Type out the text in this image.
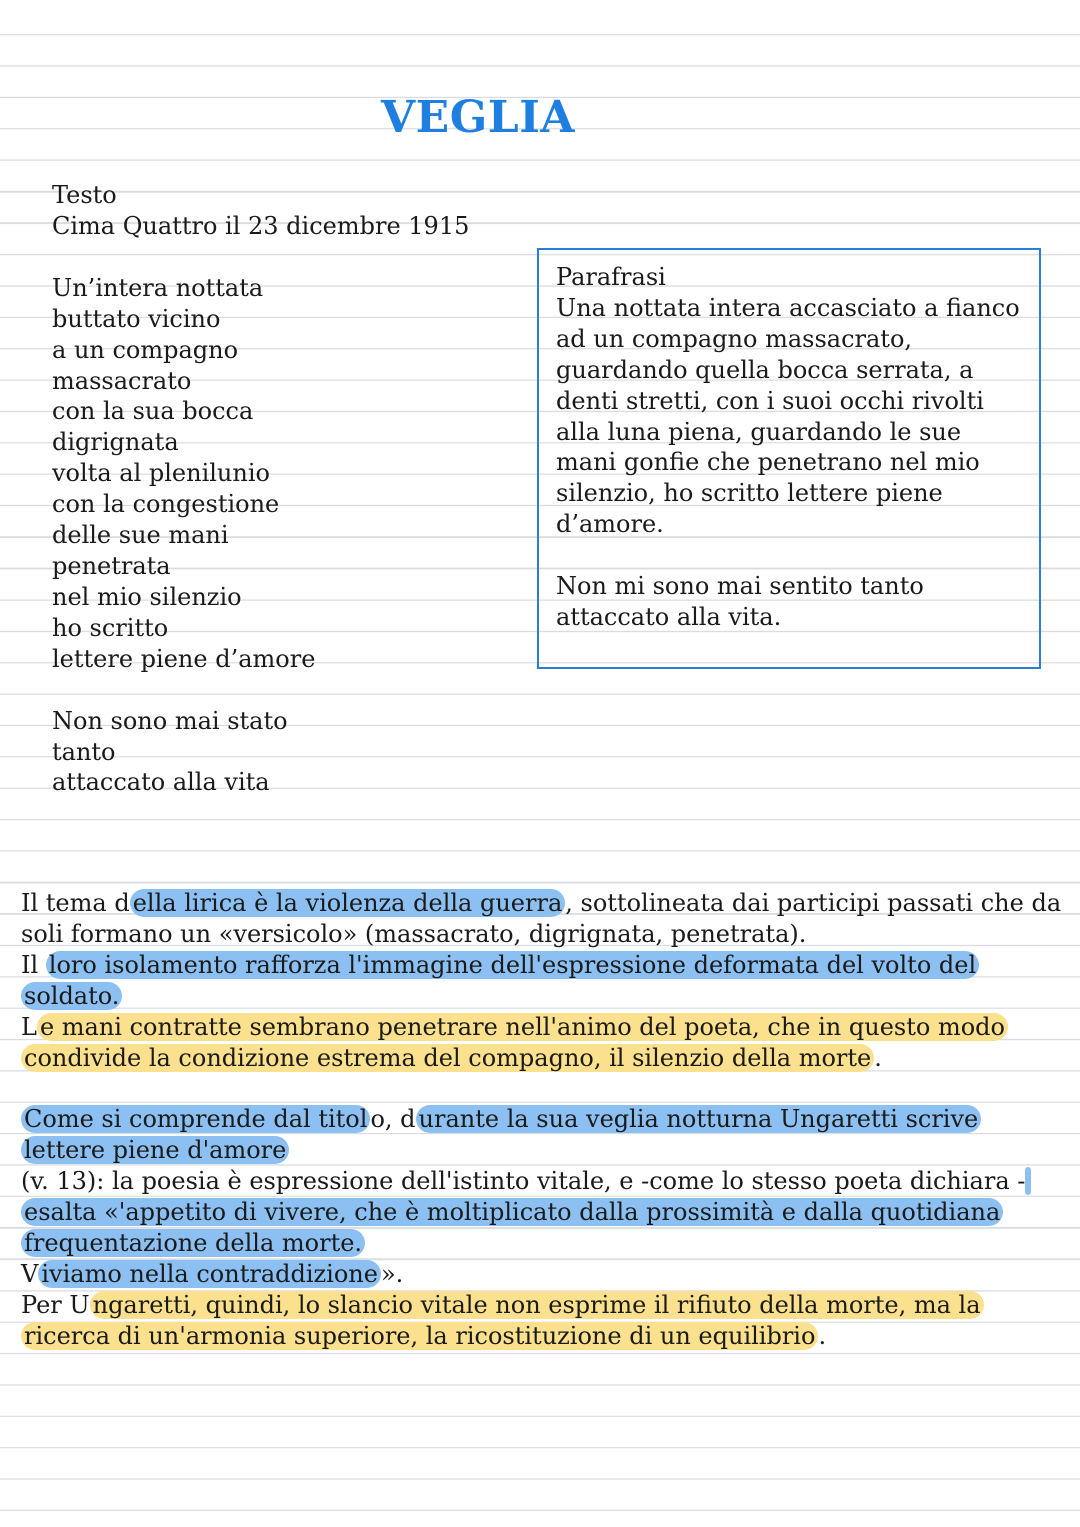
VEGLIA
Testo
Cima Quattro il 23 dicembre 1915
Un’intera nottata
buttato vicino
a un compagno
massacrato
con la sua bocca
digrignata
volta al plenilunio
con la congestione
delle sue mani
penetrata
nel mio silenzio
ho scritto
lettere piene d’amore
Non sono mai stato
tanto
attaccato alla vita
Parafrasi

Una nottata intera accasciato a fianco ad un compagno massacrato, guardando quella bocca serrata, a denti stretti, con i suoi occhi rivolti alla luna piena, guardando le sue mani gonfie che penetrano nel mio silenzio, ho scritto lettere piene d’amore.

Non mi sono mai sentito tanto attaccato alla vita.

Il tema d ella lirica è la violenza della guerra , sottolineata dai participi passati che da soli formano un «versicolo» (massacrato, digrignata, penetrata).

Il loro isolamento rafforza l'immagine dell'espressione deformata del volto del soldato.

L e mani contratte sembrano penetrare nell'animo del poeta, che in questo modo condivide la condizione estrema del compagno, il silenzio della morte .

Come si comprende dal titol o, d urante la sua veglia notturna Ungaretti scrive lettere piene d'amore

(v. 13): la poesia è espressione dell'istinto vitale, e -come lo stesso poeta dichiara - esalta «'appetito di vivere, che è moltiplicato dalla prossimità e dalla quotidiana frequentazione della morte.

V iviamo nella contraddizione ».

Per U ngaretti, quindi, lo slancio vitale non esprime il rifiuto della morte, ma la ricerca di un'armonia superiore, la ricostituzione di un equilibrio .
